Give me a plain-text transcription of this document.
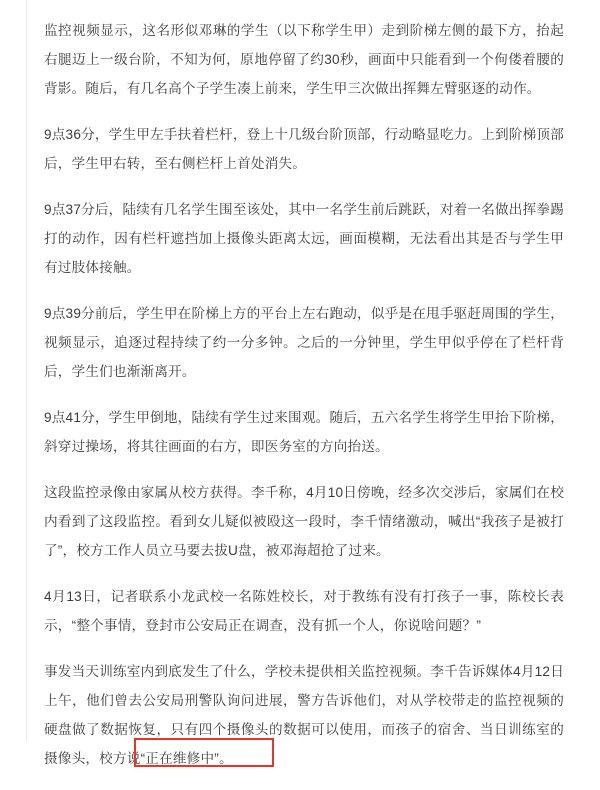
监控视频显示，这名形似邓琳的学生（以下称学生甲）走到阶梯左侧的最下方，抬起右腿迈上一级台阶，不知为何，原地停留了约30秒，画面中只能看到一个佝偻着腰的背影。随后，有几名高个子学生凑上前来，学生甲三次做出挥舞左臂驱逐的动作。

9点36分，学生甲左手扶着栏杆，登上十几级台阶顶部，行动略显吃力。上到阶梯顶部后，学生甲右转，至右侧栏杆上首处消失。

9点37分后，陆续有几名学生围至该处，其中一名学生前后跳跃，对着一名做出挥拳踢打的动作，因有栏杆遮挡加上摄像头距离太远，画面模糊，无法看出其是否与学生甲有过肢体接触。

9点39分前后，学生甲在阶梯上方的平台上左右跑动，似乎是在甩手驱赶周围的学生，视频显示，追逐过程持续了约一分多钟。之后的一分钟里，学生甲似乎停在了栏杆背后，学生们也渐渐离开。

9点41分，学生甲倒地，陆续有学生过来围观。随后，五六名学生将学生甲抬下阶梯，斜穿过操场，将其往画面的右方，即医务室的方向抬送。

这段监控录像由家属从校方获得。李千称，4月10日傍晚，经多次交涉后，家属们在校内看到了这段监控。看到女儿疑似被殴这一段时，李千情绪激动，喊出“我孩子是被打了”，校方工作人员立马要去拔U盘，被邓海超抢了过来。

4月13日，记者联系小龙武校一名陈姓校长，对于教练有没有打孩子一事，陈校长表示，“整个事情，登封市公安局正在调查，没有抓一个人，你说啥问题？”

事发当天训练室内到底发生了什么，学校未提供相关监控视频。李千告诉媒体4月12日上午，他们曾去公安局刑警队询问进展，警方告诉他们，对从学校带走的监控视频的硬盘做了数据恢复，只有四个摄像头的数据可以使用，而孩子的宿舍、当日训练室的摄像头，校方说
“正在维修中”。
